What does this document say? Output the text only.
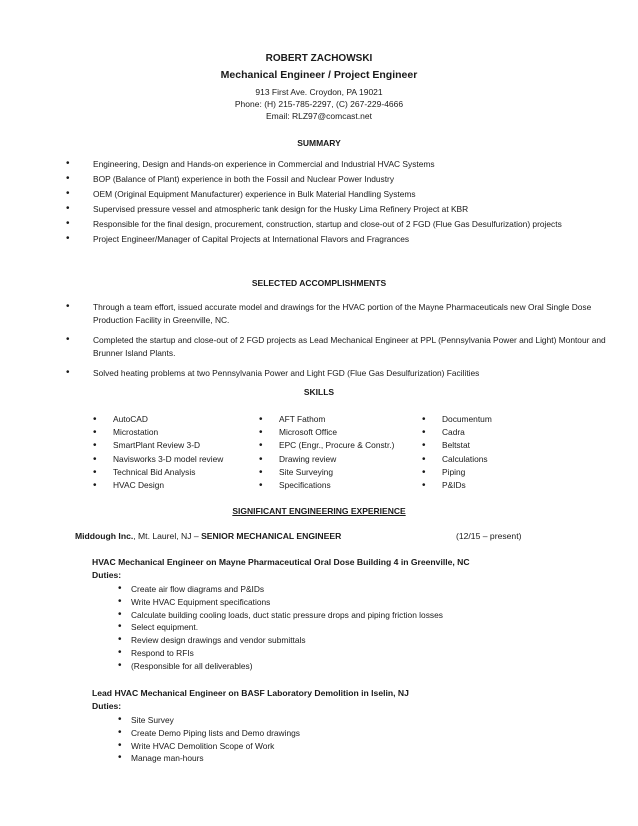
ROBERT ZACHOWSKI
Mechanical Engineer / Project Engineer
913 First Ave. Croydon, PA 19021
Phone: (H) 215-785-2297, (C) 267-229-4666
Email: RLZ97@comcast.net
SUMMARY
• Engineering, Design and Hands-on experience in Commercial and Industrial HVAC Systems
• BOP (Balance of Plant) experience in both the Fossil and Nuclear Power Industry
• OEM (Original Equipment Manufacturer) experience in Bulk Material Handling Systems
• Supervised pressure vessel and atmospheric tank design for the Husky Lima Refinery Project at KBR
• Responsible for the final design, procurement, construction, startup and close-out of 2 FGD (Flue Gas Desulfurization) projects
• Project Engineer/Manager of Capital Projects at International Flavors and Fragrances
SELECTED ACCOMPLISHMENTS
• Through a team effort, issued accurate model and drawings for the HVAC portion of the Mayne Pharmaceuticals new Oral Single Dose Production Facility in Greenville, NC.
• Completed the startup and close-out of 2 FGD projects as Lead Mechanical Engineer at PPL (Pennsylvania Power and Light) Montour and Brunner Island Plants.
• Solved heating problems at two Pennsylvania Power and Light FGD (Flue Gas Desulfurization) Facilities
SKILLS
• AutoCAD
• Microstation
• SmartPlant Review 3-D
• Navisworks 3-D model review
• Technical Bid Analysis
• HVAC Design
• AFT Fathom
• Microsoft Office
• EPC (Engr., Procure & Constr.)
• Drawing review
• Site Surveying
• Specifications
• Documentum
• Cadra
• Beltstat
• Calculations
• Piping
• P&IDs
SIGNIFICANT ENGINEERING EXPERIENCE
Middough Inc., Mt. Laurel, NJ – SENIOR MECHANICAL ENGINEER	(12/15 – present)
HVAC Mechanical Engineer on Mayne Pharmaceutical Oral Dose Building 4 in Greenville, NC
Duties:
• Create air flow diagrams and P&IDs
• Write HVAC Equipment specifications
• Calculate building cooling loads, duct static pressure drops and piping friction losses
• Select equipment.
• Review design drawings and vendor submittals
• Respond to RFIs
• (Responsible for all deliverables)
Lead HVAC Mechanical Engineer on BASF Laboratory Demolition in Iselin, NJ
Duties:
• Site Survey
• Create Demo Piping lists and Demo drawings
• Write HVAC Demolition Scope of Work
• Manage man-hours
